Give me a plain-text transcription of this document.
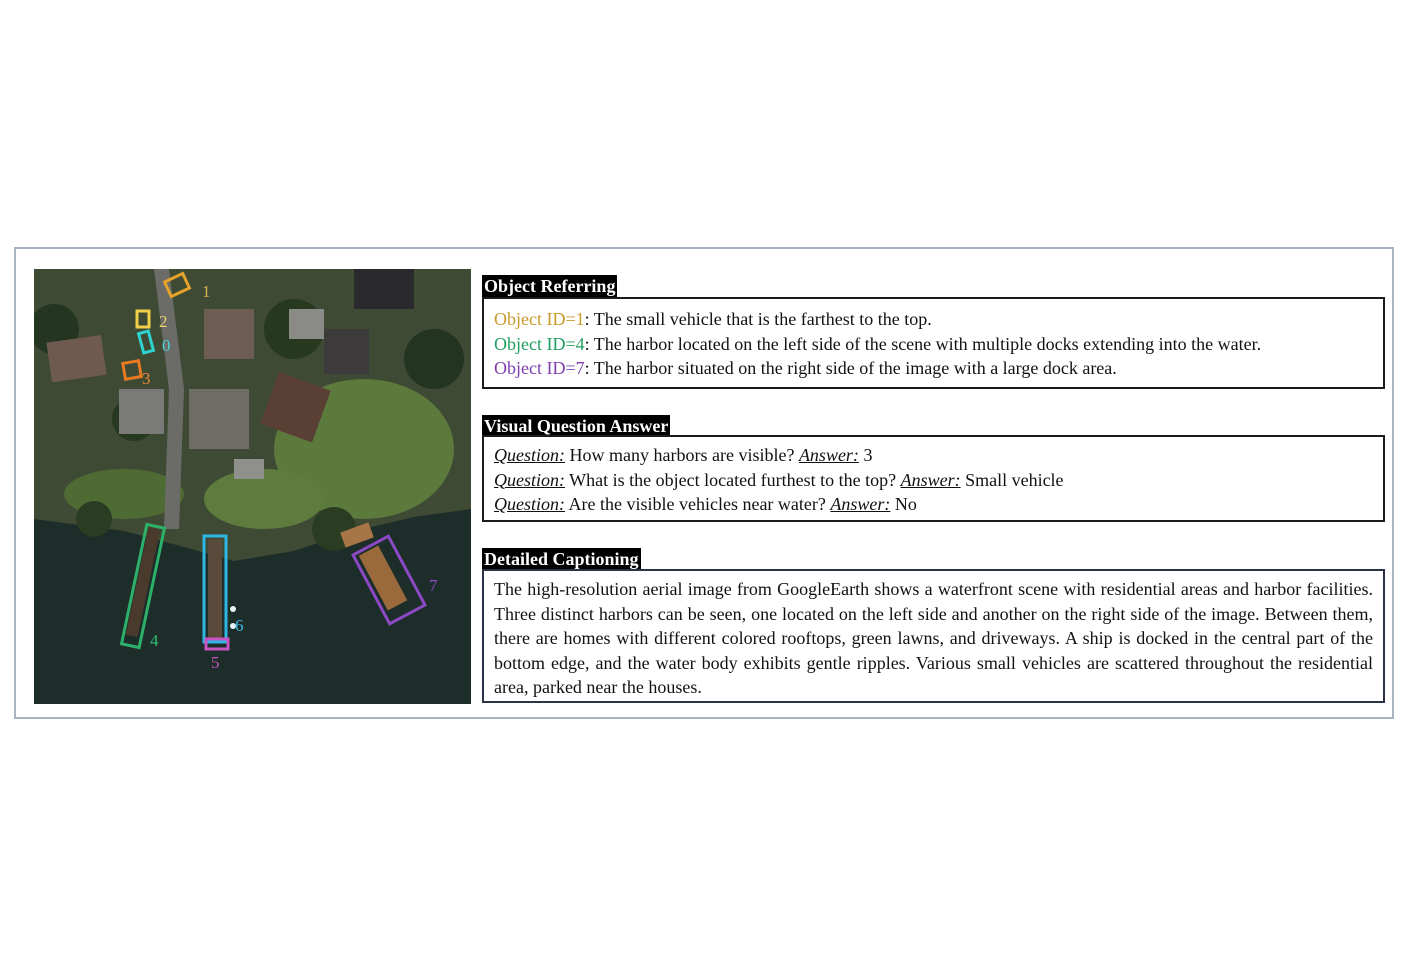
1
2
0
3
4
5
6
7
Object Referring
Object ID=1: The small vehicle that is the farthest to the top.
Object ID=4: The harbor located on the left side of the scene with multiple docks extending into the water.
Object ID=7: The harbor situated on the right side of the image with a large dock area.
Visual Question Answer
Question: How many harbors are visible? Answer: 3
Question: What is the object located furthest to the top? Answer: Small vehicle
Question: Are the visible vehicles near water? Answer: No
Detailed Captioning
The high-resolution aerial image from GoogleEarth shows a waterfront scene with residential areas and harbor facilities. Three distinct harbors can be seen, one located on the left side and another on the right side of the image. Between them, there are homes with different colored rooftops, green lawns, and driveways. A ship is docked in the central part of the bottom edge, and the water body exhibits gentle ripples. Various small vehicles are scattered throughout the residential area, parked near the houses.
